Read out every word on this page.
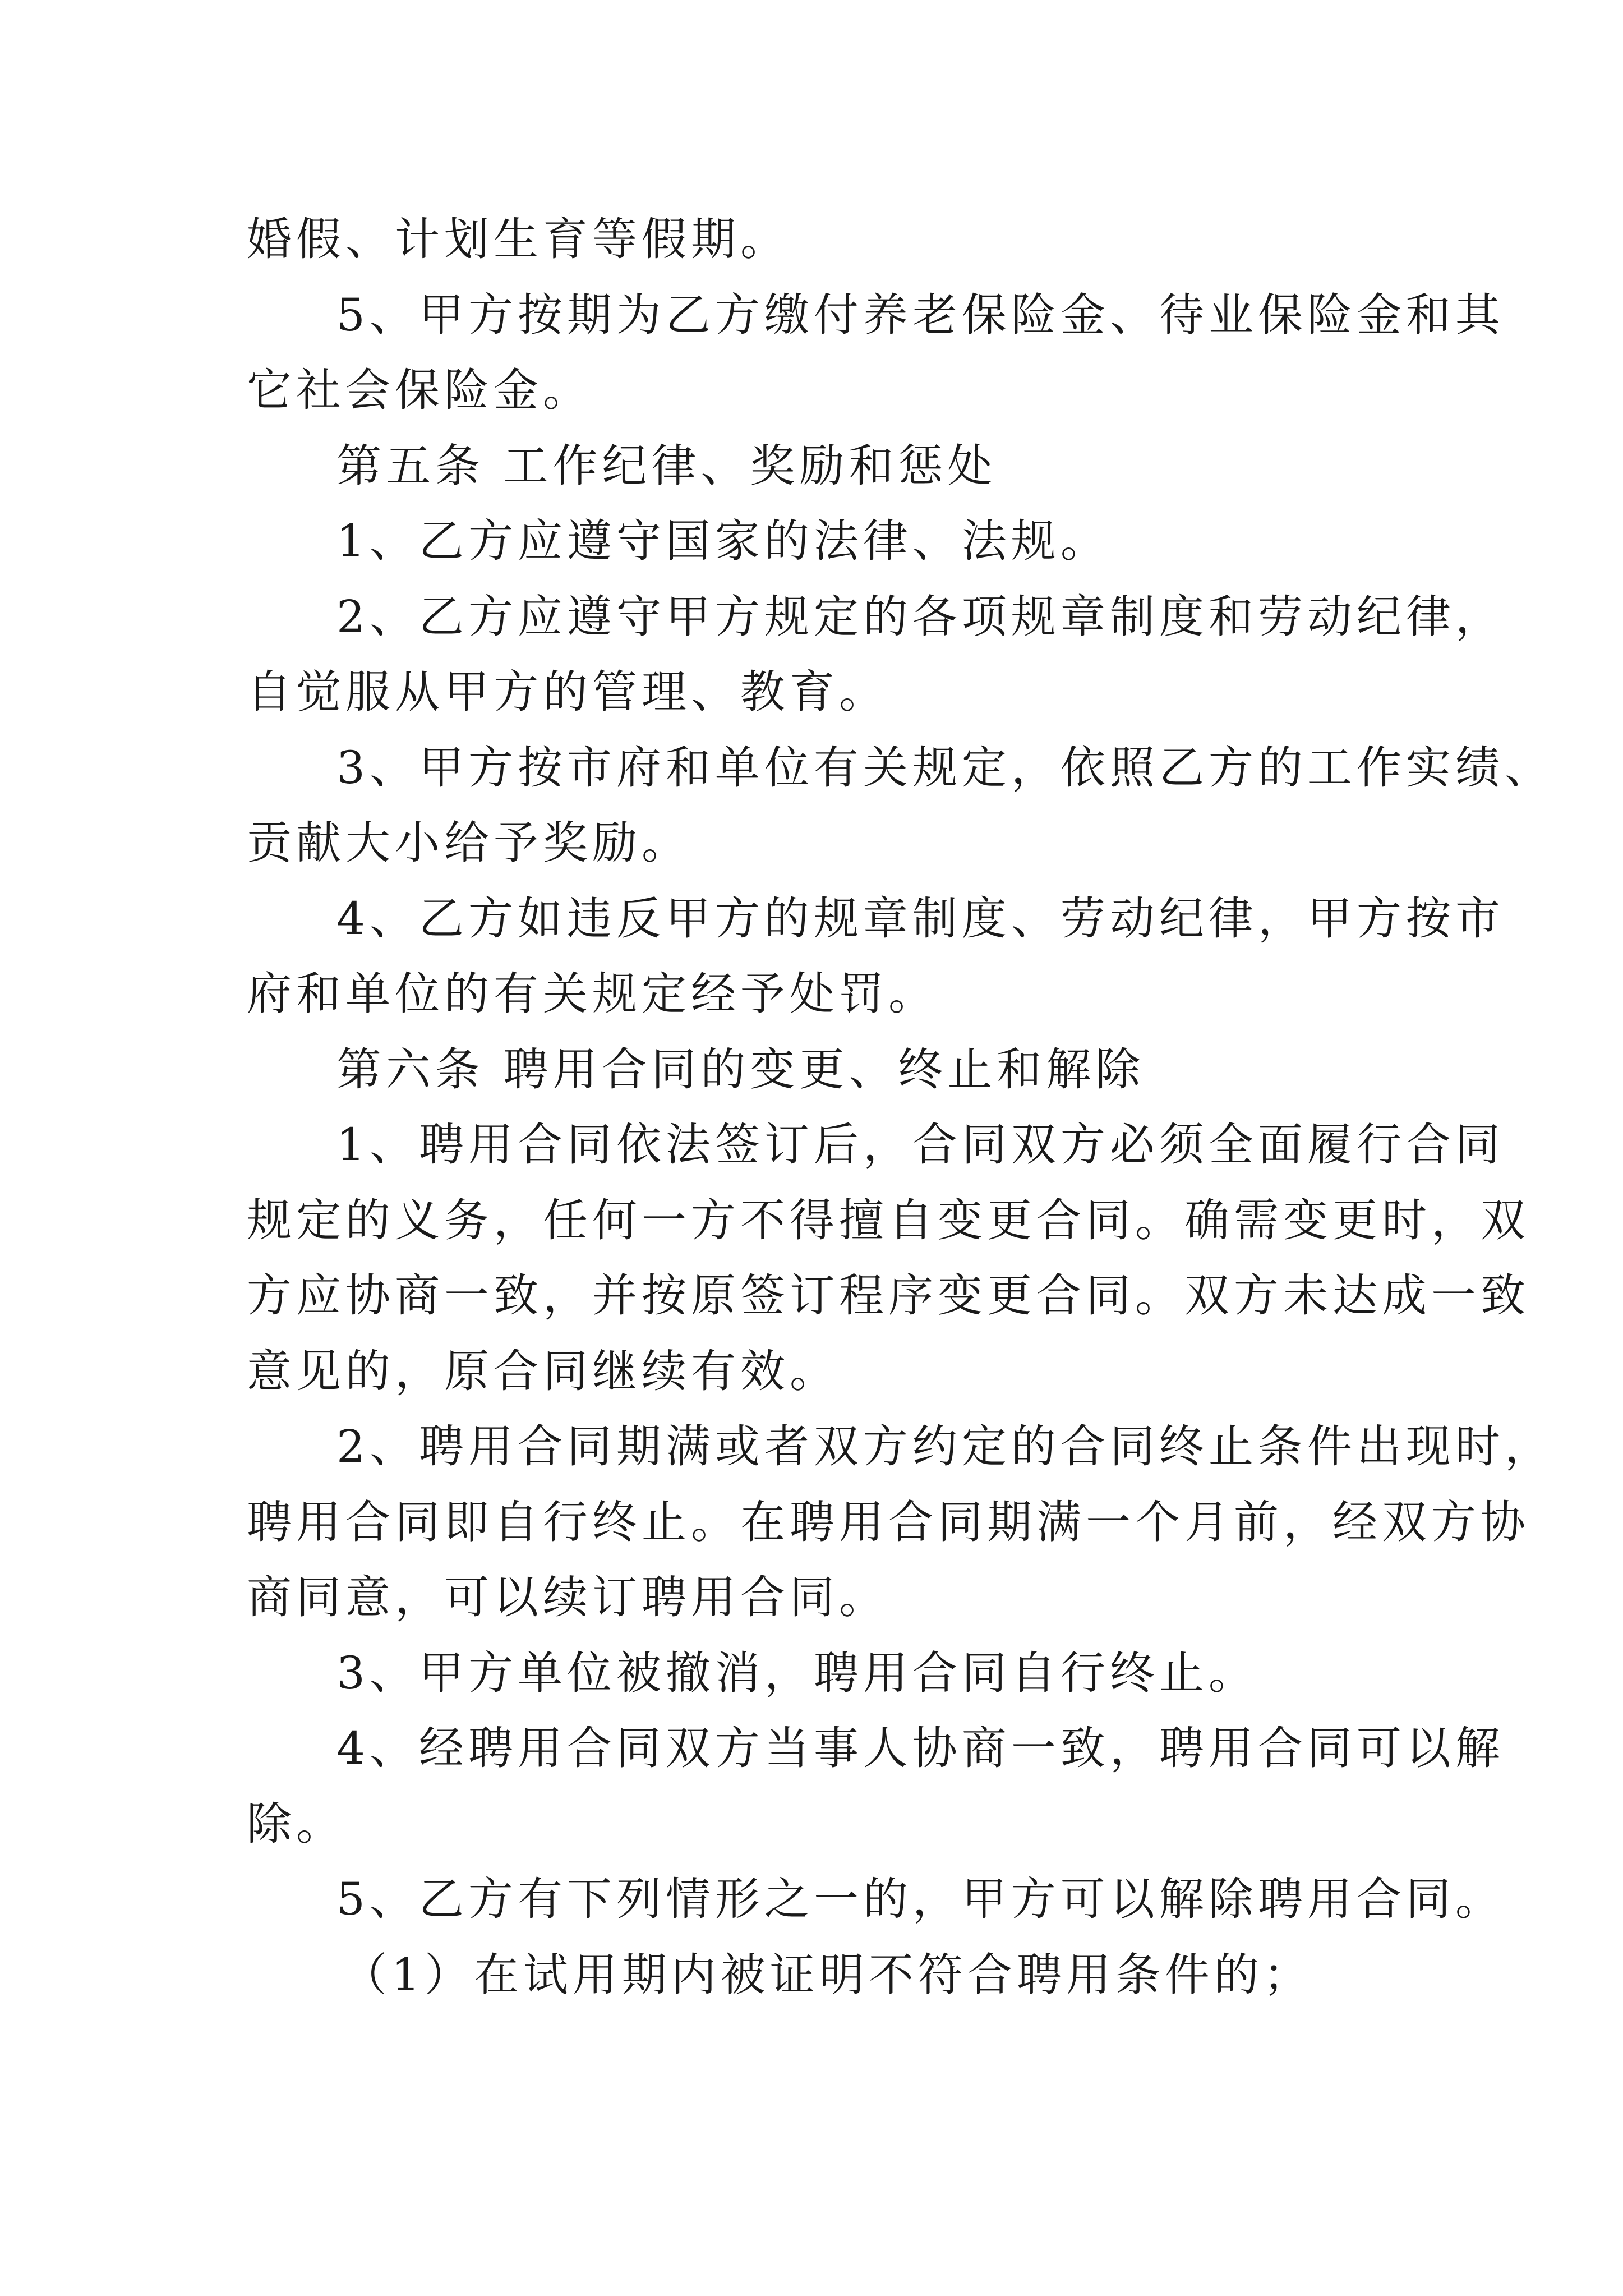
婚假、计划生育等假期。
5、甲方按期为乙方缴付养老保险金、待业保险金和其
它社会保险金。
第五条 工作纪律、奖励和惩处
1、乙方应遵守国家的法律、法规。
2、乙方应遵守甲方规定的各项规章制度和劳动纪律，
自觉服从甲方的管理、教育。
3、甲方按市府和单位有关规定，依照乙方的工作实绩、
贡献大小给予奖励。
4、乙方如违反甲方的规章制度、劳动纪律，甲方按市
府和单位的有关规定经予处罚。
第六条 聘用合同的变更、终止和解除
1、聘用合同依法签订后，合同双方必须全面履行合同
规定的义务，任何一方不得擅自变更合同。确需变更时，双
方应协商一致，并按原签订程序变更合同。双方未达成一致
意见的，原合同继续有效。
2、聘用合同期满或者双方约定的合同终止条件出现时，
聘用合同即自行终止。在聘用合同期满一个月前，经双方协
商同意，可以续订聘用合同。
3、甲方单位被撤消，聘用合同自行终止。
4、经聘用合同双方当事人协商一致，聘用合同可以解
除。
5、乙方有下列情形之一的，甲方可以解除聘用合同。
（1）在试用期内被证明不符合聘用条件的；
